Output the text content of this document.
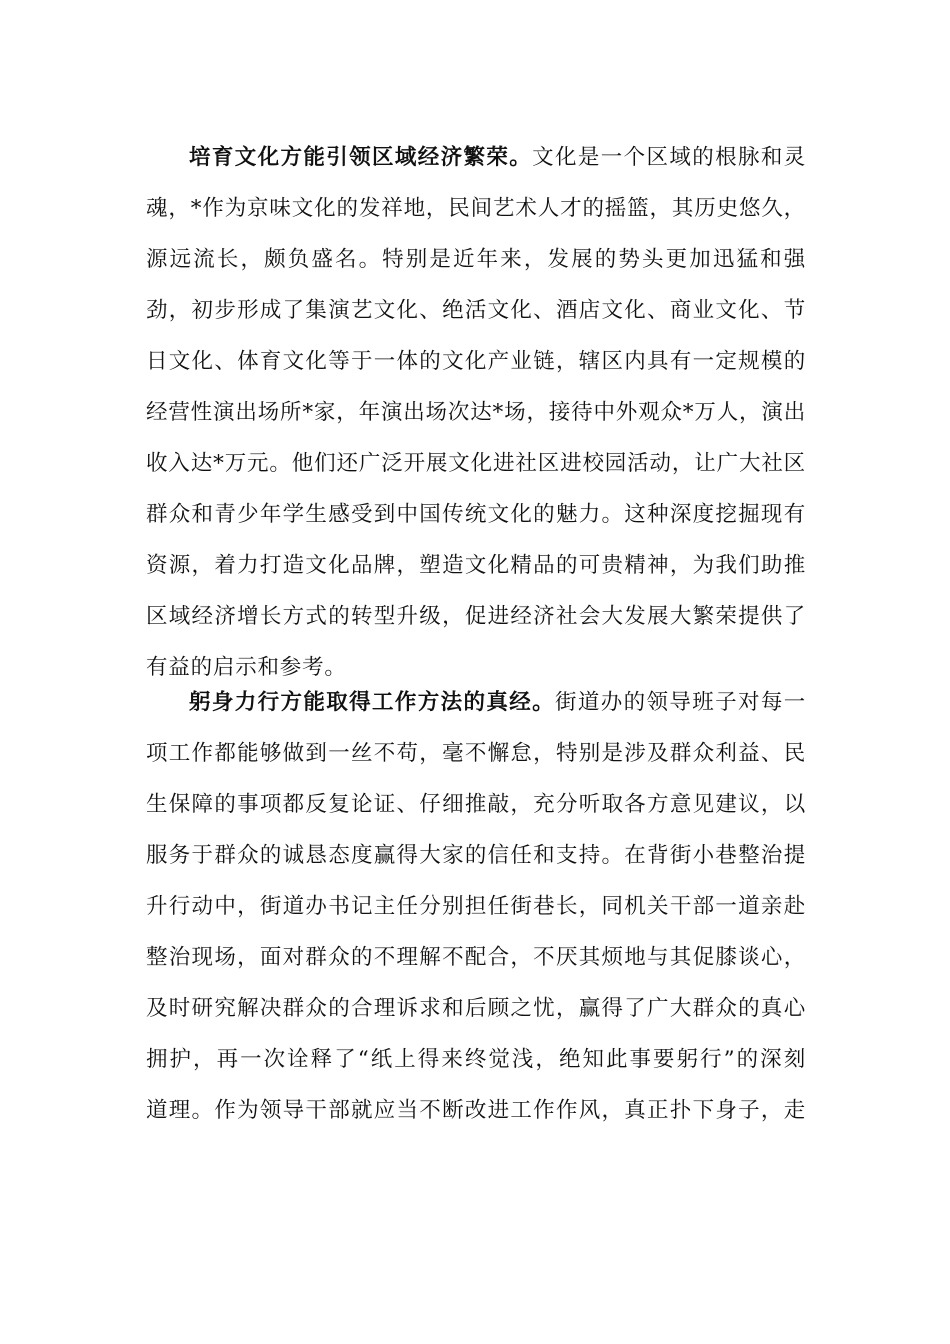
培育文化方能引领区域经济繁荣。文化是一个区域的根脉和灵
魂，*作为京味文化的发祥地，民间艺术人才的摇篮，其历史悠久，
源远流长，颇负盛名。特别是近年来，发展的势头更加迅猛和强
劲，初步形成了集演艺文化、绝活文化、酒店文化、商业文化、节
日文化、体育文化等于一体的文化产业链，辖区内具有一定规模的
经营性演出场所*家，年演出场次达*场，接待中外观众*万人，演出
收入达*万元。他们还广泛开展文化进社区进校园活动，让广大社区
群众和青少年学生感受到中国传统文化的魅力。这种深度挖掘现有
资源，着力打造文化品牌，塑造文化精品的可贵精神，为我们助推
区域经济增长方式的转型升级，促进经济社会大发展大繁荣提供了
有益的启示和参考。
躬身力行方能取得工作方法的真经。街道办的领导班子对每一
项工作都能够做到一丝不苟，毫不懈怠，特别是涉及群众利益、民
生保障的事项都反复论证、仔细推敲，充分听取各方意见建议，以
服务于群众的诚恳态度赢得大家的信任和支持。在背街小巷整治提
升行动中，街道办书记主任分别担任街巷长，同机关干部一道亲赴
整治现场，面对群众的不理解不配合，不厌其烦地与其促膝谈心，
及时研究解决群众的合理诉求和后顾之忧，赢得了广大群众的真心
拥护，再一次诠释了“纸上得来终觉浅，绝知此事要躬行”的深刻
道理。作为领导干部就应当不断改进工作作风，真正扑下身子，走
